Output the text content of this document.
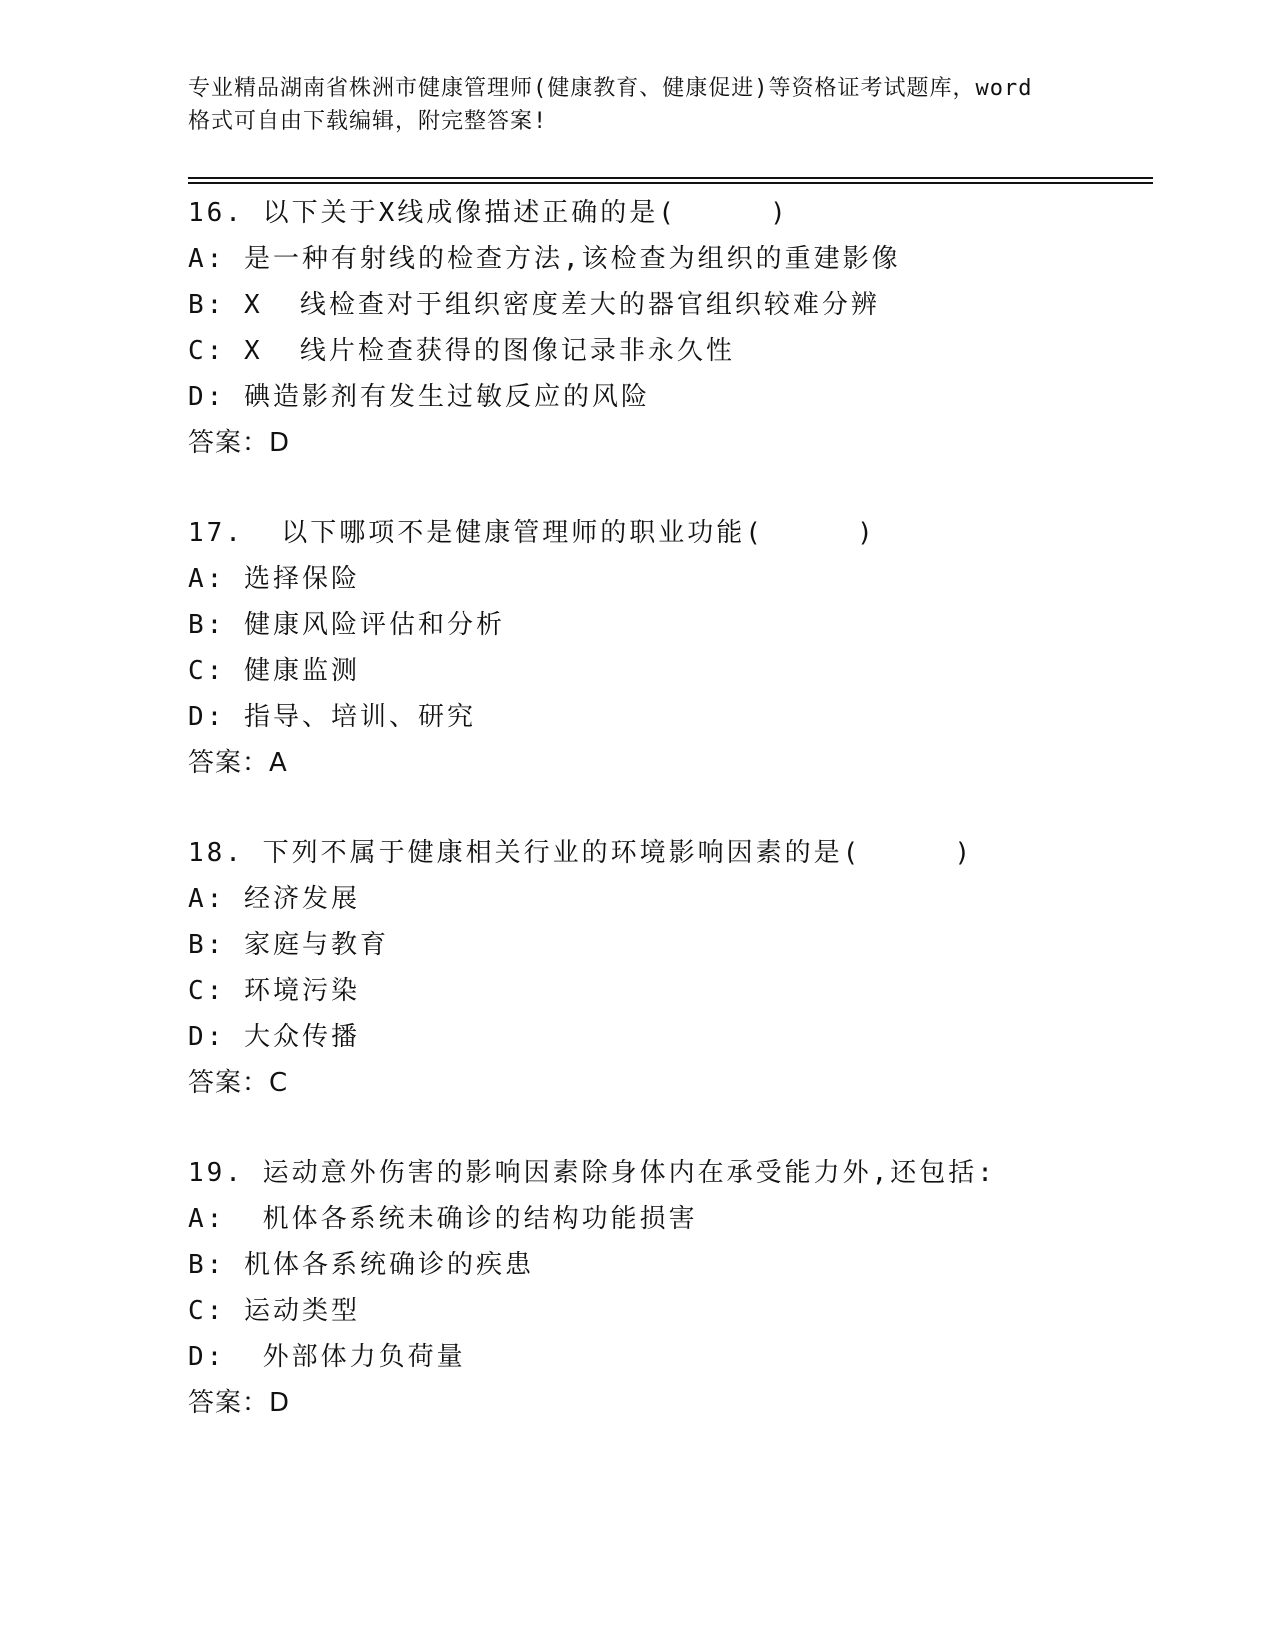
专业精品湖南省株洲市健康管理师(健康教育、健康促进)等资格证考试题库，word
格式可自由下载编辑，附完整答案!
16. 以下关于X线成像描述正确的是(     )
A: 是一种有射线的检查方法,该检查为组织的重建影像
B: X  线检查对于组织密度差大的器官组织较难分辨
C: X  线片检查获得的图像记录非永久性
D: 碘造影剂有发生过敏反应的风险
答案：D
17.  以下哪项不是健康管理师的职业功能(     )
A: 选择保险
B: 健康风险评估和分析
C: 健康监测
D: 指导、培训、研究
答案：A
18. 下列不属于健康相关行业的环境影响因素的是(     )
A: 经济发展
B: 家庭与教育
C: 环境污染
D: 大众传播
答案：C
19. 运动意外伤害的影响因素除身体内在承受能力外,还包括:
A:  机体各系统未确诊的结构功能损害
B: 机体各系统确诊的疾患
C: 运动类型
D:  外部体力负荷量
答案：D
